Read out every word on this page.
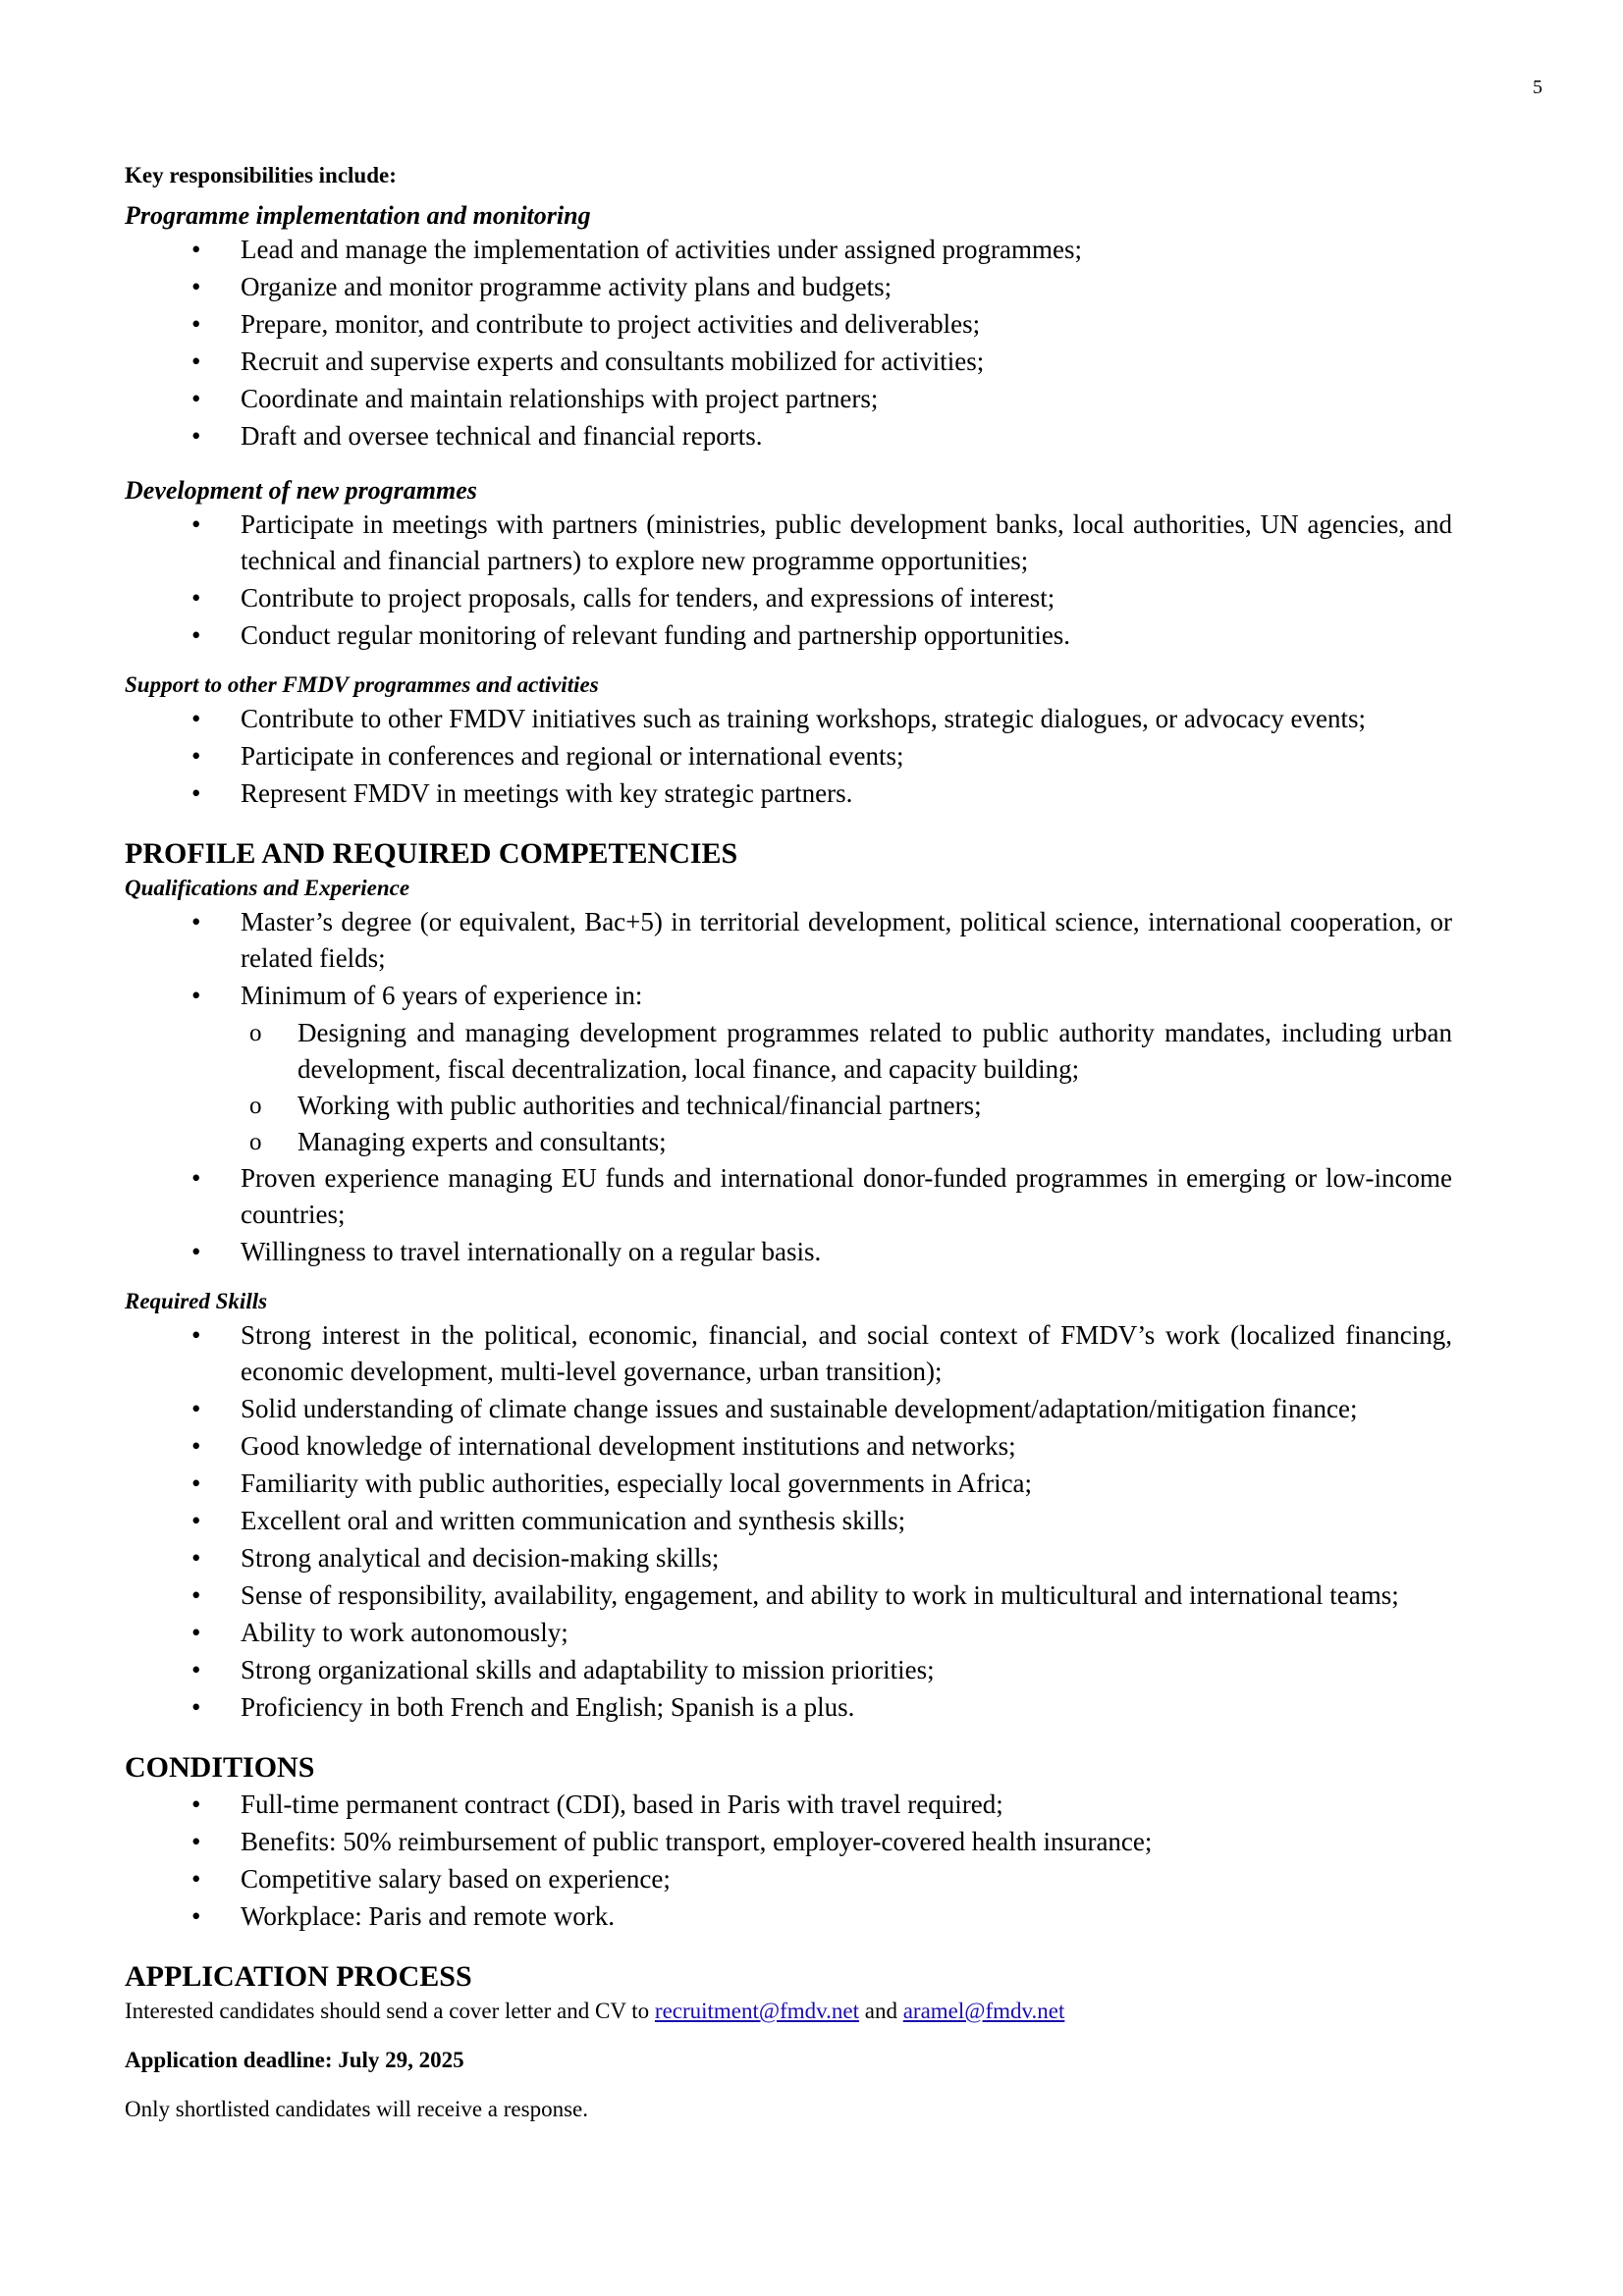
5

Key responsibilities include:

Programme implementation and monitoring

• Lead and manage the implementation of activities under assigned programmes;
• Organize and monitor programme activity plans and budgets;
• Prepare, monitor, and contribute to project activities and deliverables;
• Recruit and supervise experts and consultants mobilized for activities;
• Coordinate and maintain relationships with project partners;
• Draft and oversee technical and financial reports.

Development of new programmes

• Participate in meetings with partners (ministries, public development banks, local authorities, UN agencies, and technical and financial partners) to explore new programme opportunities;
• Contribute to project proposals, calls for tenders, and expressions of interest;
• Conduct regular monitoring of relevant funding and partnership opportunities.

Support to other FMDV programmes and activities

• Contribute to other FMDV initiatives such as training workshops, strategic dialogues, or advocacy events;
• Participate in conferences and regional or international events;
• Represent FMDV in meetings with key strategic partners.
PROFILE AND REQUIRED COMPETENCIES

Qualifications and Experience

• Master’s degree (or equivalent, Bac+5) in territorial development, political science, international cooperation, or related fields;
• Minimum of 6 years of experience in:
o Designing and managing development programmes related to public authority mandates, including urban development, fiscal decentralization, local finance, and capacity building;
o Working with public authorities and technical/financial partners;
o Managing experts and consultants;
• Proven experience managing EU funds and international donor-funded programmes in emerging or low-income countries;
• Willingness to travel internationally on a regular basis.

Required Skills

• Strong interest in the political, economic, financial, and social context of FMDV’s work (localized financing, economic development, multi-level governance, urban transition);
• Solid understanding of climate change issues and sustainable development/adaptation/mitigation finance;
• Good knowledge of international development institutions and networks;
• Familiarity with public authorities, especially local governments in Africa;
• Excellent oral and written communication and synthesis skills;
• Strong analytical and decision-making skills;
• Sense of responsibility, availability, engagement, and ability to work in multicultural and international teams;
• Ability to work autonomously;
• Strong organizational skills and adaptability to mission priorities;
• Proficiency in both French and English; Spanish is a plus.
CONDITIONS
• Full-time permanent contract (CDI), based in Paris with travel required;
• Benefits: 50% reimbursement of public transport, employer-covered health insurance;
• Competitive salary based on experience;
• Workplace: Paris and remote work.
APPLICATION PROCESS

Interested candidates should send a cover letter and CV to recruitment@fmdv.net and aramel@fmdv.net

Application deadline: July 29, 2025

Only shortlisted candidates will receive a response.
